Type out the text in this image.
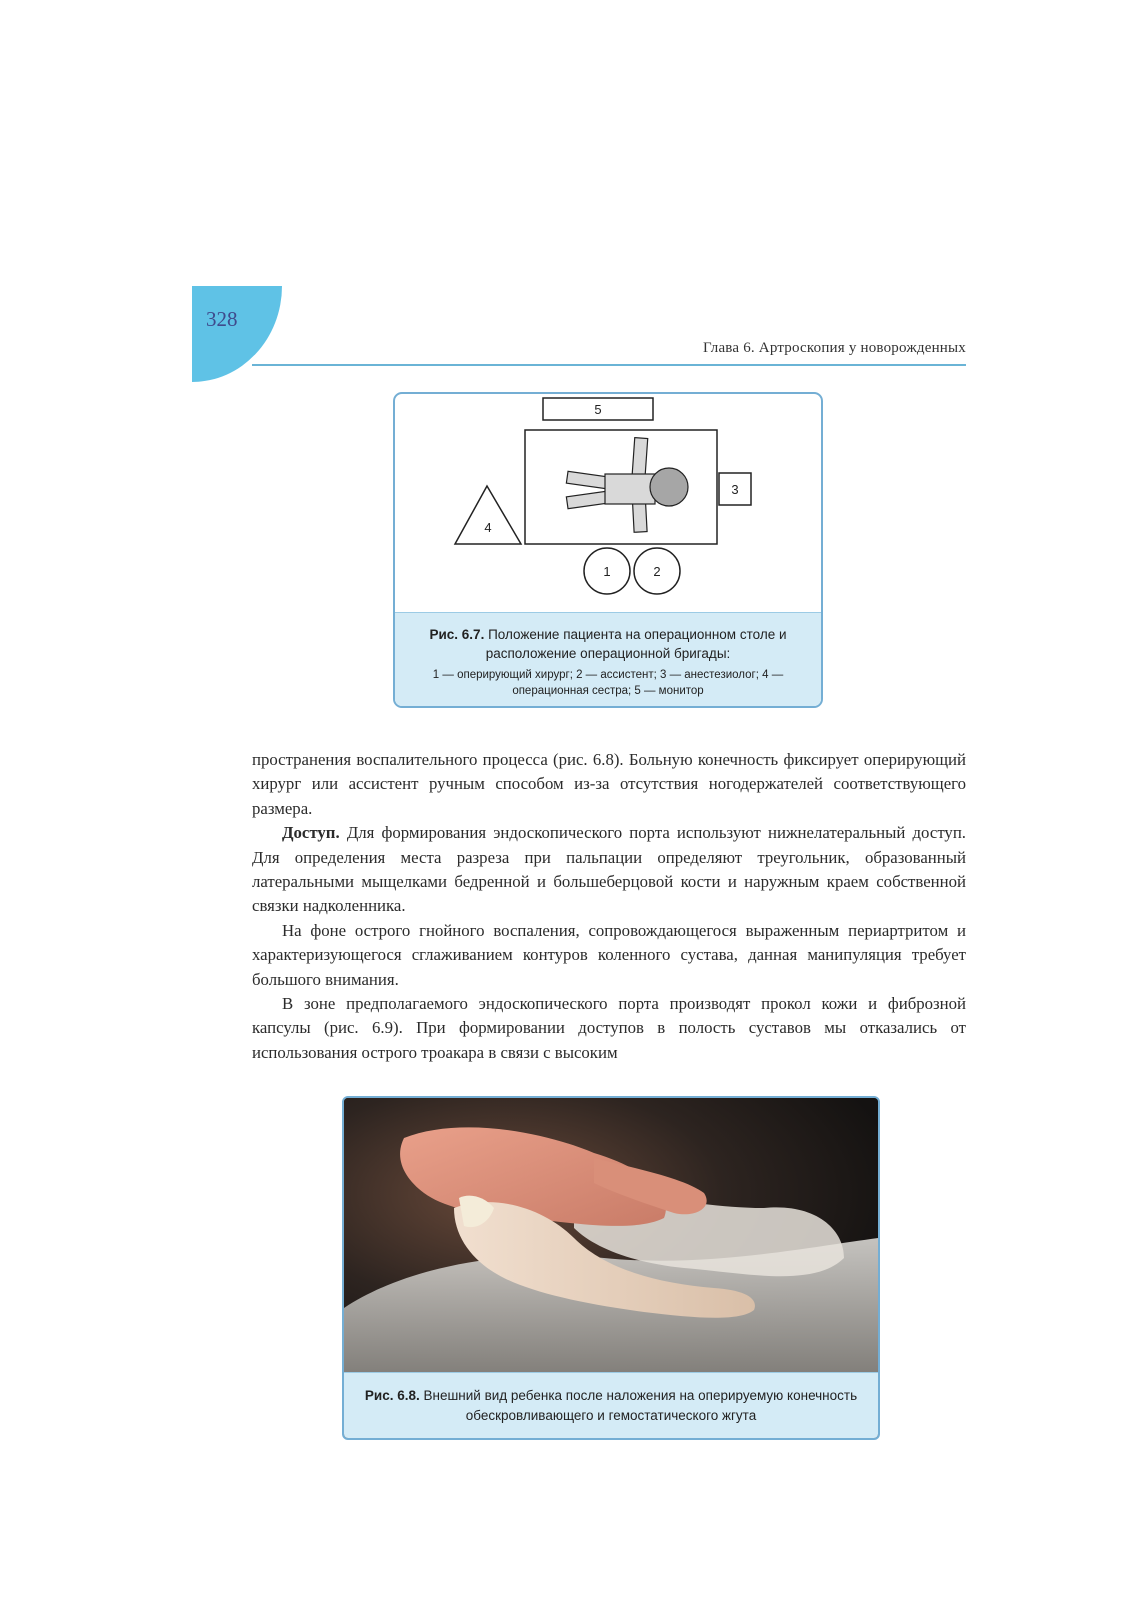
328
Глава 6. Артроскопия у новорожденных
5
3
4
1	2
Рис. 6.7. Положение пациента на операционном столе и расположение операционной бригады:
1 — оперирующий хирург; 2 — ассистент; 3 — анестезиолог; 4 —операционная сестра; 5 — монитор

пространения воспалительного процесса (рис. 6.8). Больную конечность фиксирует оперирующий хирург или ассистент ручным способом из-за отсутствия ногодержателей соответствующего размера.

Доступ. Для формирования эндоскопического порта используют нижнелатеральный доступ. Для определения места разреза при пальпации определяют треугольник, образованный латеральными мыщелками бедренной и большеберцовой кости и наружным краем собственной связки надколенника.

На фоне острого гнойного воспаления, сопровождающегося выраженным периартритом и характеризующегося сглаживанием контуров коленного сустава, данная манипуляция требует большого внимания.

В зоне предполагаемого эндоскопического порта производят прокол кожи и фиброзной капсулы (рис. 6.9). При формировании доступов в полость суставов мы отказались от использования острого троакара в связи с высоким

Рис. 6.8. Внешний вид ребенка после наложения на оперируемую конечность обескровливающего и гемостатического жгута
